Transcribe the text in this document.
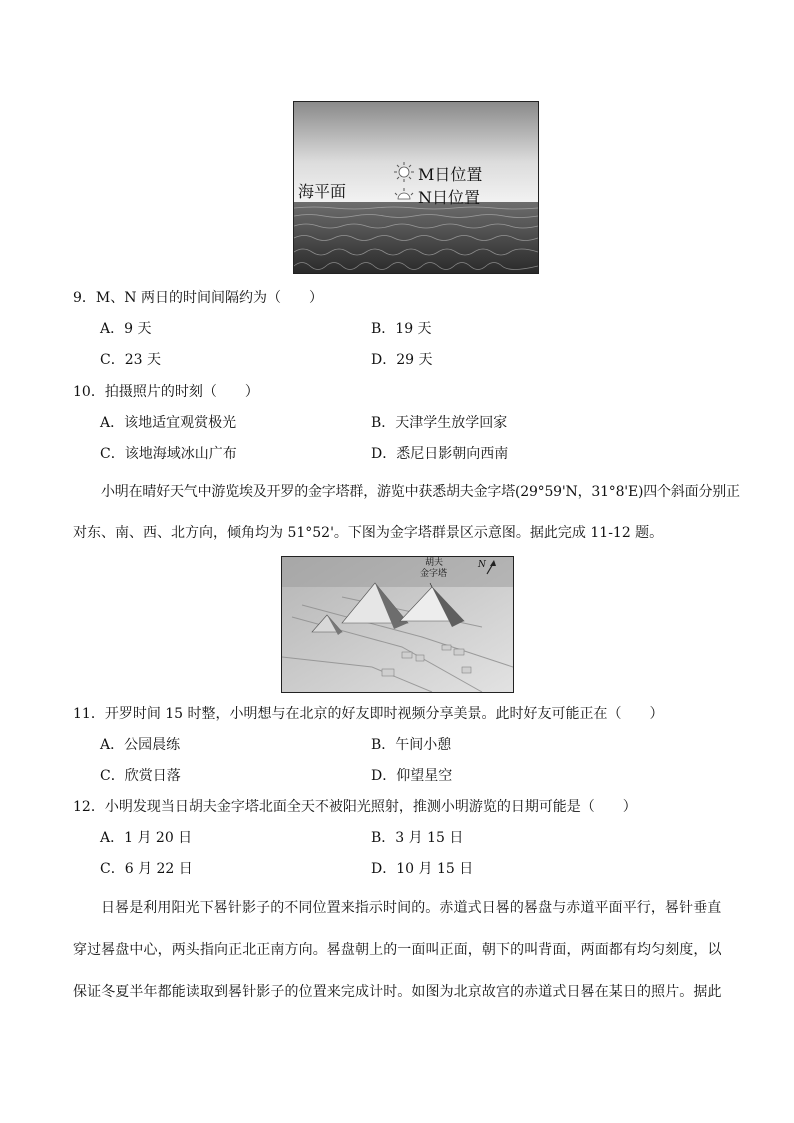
海平面
M日位置
N日位置
9．M、N 两日的时间间隔约为（　　）
A．9 天	B．19 天
C．23 天	D．29 天
10．拍摄照片的时刻（　　）
A．该地适宜观赏极光	B．天津学生放学回家
C．该地海域冰山广布	D．悉尼日影朝向西南
小明在晴好天气中游览埃及开罗的金字塔群，游览中获悉胡夫金字塔(29°59'N，31°8'E)四个斜面分别正
对东、南、西、北方向，倾角均为 51°52'。下图为金字塔群景区示意图。据此完成 11-12 题。
胡夫
金字塔
N
11．开罗时间 15 时整，小明想与在北京的好友即时视频分享美景。此时好友可能正在（　　）
A．公园晨练	B．午间小憩
C．欣赏日落	D．仰望星空
12．小明发现当日胡夫金字塔北面全天不被阳光照射，推测小明游览的日期可能是（　　）
A．1 月 20 日	B．3 月 15 日
C．6 月 22 日	D．10 月 15 日
日晷是利用阳光下晷针影子的不同位置来指示时间的。赤道式日晷的晷盘与赤道平面平行，晷针垂直
穿过晷盘中心，两头指向正北正南方向。晷盘朝上的一面叫正面，朝下的叫背面，两面都有均匀刻度，以
保证冬夏半年都能读取到晷针影子的位置来完成计时。如图为北京故宫的赤道式日晷在某日的照片。据此
